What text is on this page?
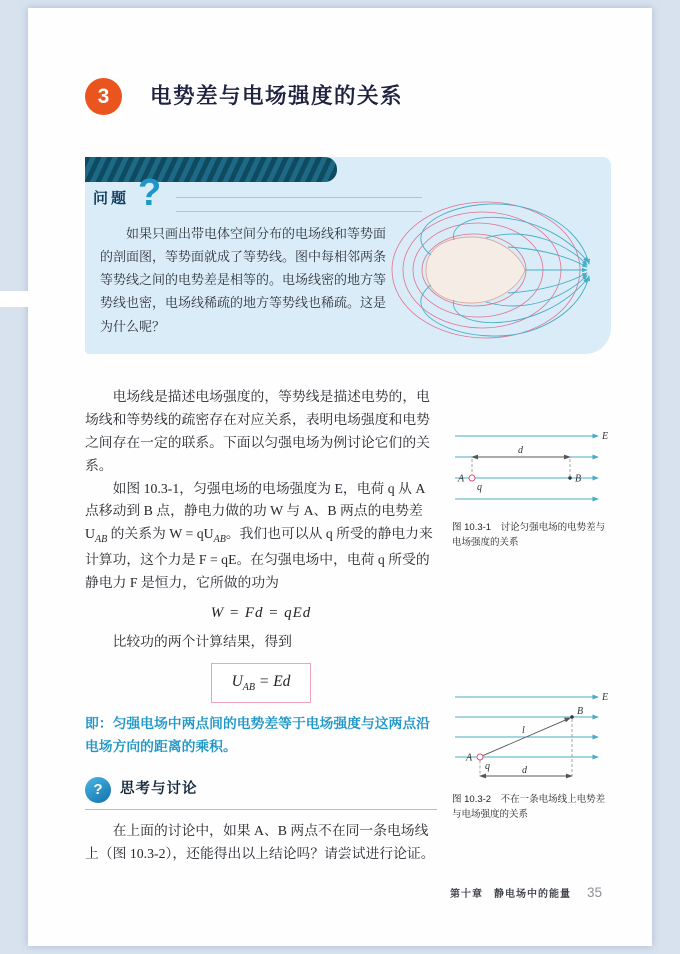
3	电势差与电场强度的关系
问题 ?
如果只画出带电体空间分布的电场线和等势面的剖面图，等势面就成了等势线。图中每相邻两条等势线之间的电势差是相等的。电场线密的地方等势线也密，电场线稀疏的地方等势线也稀疏。这是为什么呢？

电场线是描述电场强度的，等势线是描述电势的，电场线和等势线的疏密存在对应关系，表明电场强度和电势之间存在一定的联系。下面以匀强电场为例讨论它们的关系。

如图 10.3-1，匀强电场的电场强度为 E，电荷 q 从 A 点移动到 B 点，静电力做的功 W 与 A、B 两点的电势差 $U_{AB}$ 的关系为 $W = qU_{AB}$。我们也可以从 q 所受的静电力来计算功，这个力是 F = qE。在匀强电场中，电荷 q 所受的静电力 F 是恒力，它所做的功为

W = Fd = qEd

比较功的两个计算结果，得到

$U_{AB} = Ed$

即：匀强电场中两点间的电势差等于电场强度与这两点沿电场方向的距离的乘积。

?	思考与讨论

在上面的讨论中，如果 A、B 两点不在同一条电场线上（图 10.3-2），还能得出以上结论吗？请尝试进行论证。

E
d
A
q
B
图 10.3-1　讨论匀强电场的电势差与电场强度的关系
E
l
d
A
q
B
图 10.3-2　不在一条电场线上电势差与电场强度的关系
第十章　静电场中的能量 35
